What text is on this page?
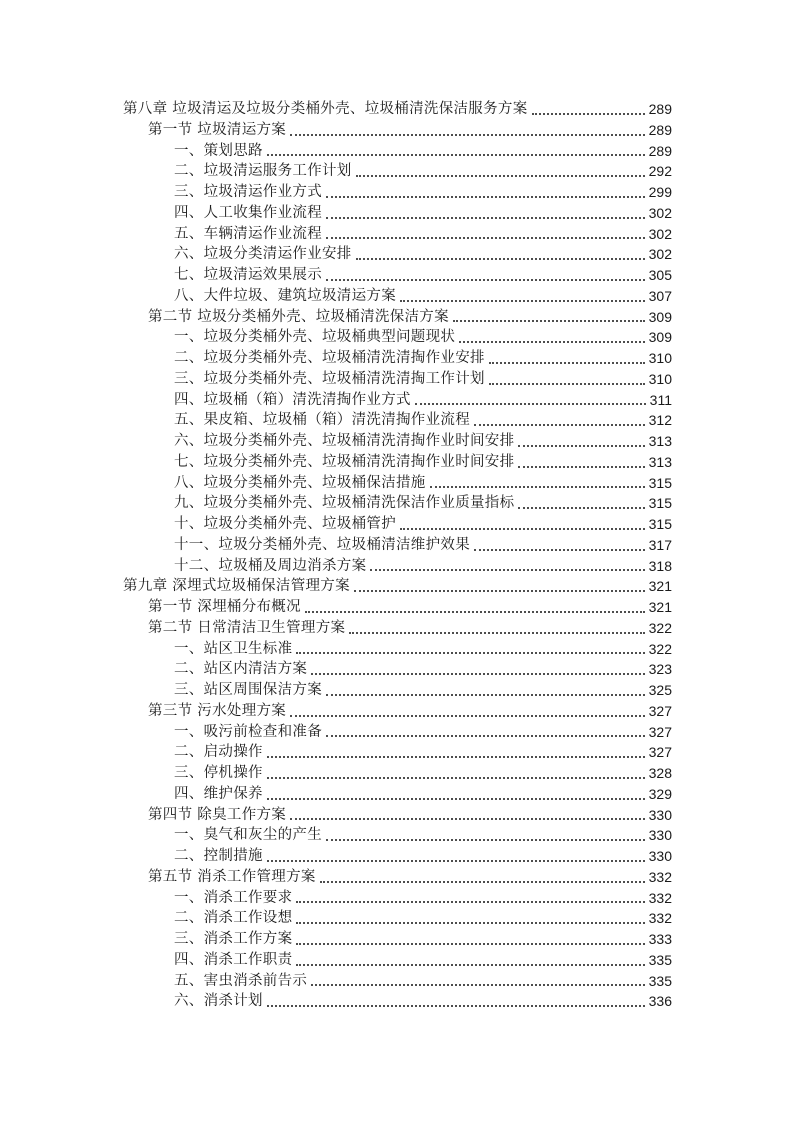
第八章 垃圾清运及垃圾分类桶外壳、垃圾桶清洗保洁服务方案	289
第一节 垃圾清运方案	289
一、策划思路	289
二、垃圾清运服务工作计划	292
三、垃圾清运作业方式	299
四、人工收集作业流程	302
五、车辆清运作业流程	302
六、垃圾分类清运作业安排	302
七、垃圾清运效果展示	305
八、大件垃圾、建筑垃圾清运方案	307
第二节 垃圾分类桶外壳、垃圾桶清洗保洁方案	309
一、垃圾分类桶外壳、垃圾桶典型问题现状	309
二、垃圾分类桶外壳、垃圾桶清洗清掏作业安排	310
三、垃圾分类桶外壳、垃圾桶清洗清掏工作计划	310
四、垃圾桶（箱）清洗清掏作业方式	311
五、果皮箱、垃圾桶（箱）清洗清掏作业流程	312
六、垃圾分类桶外壳、垃圾桶清洗清掏作业时间安排	313
七、垃圾分类桶外壳、垃圾桶清洗清掏作业时间安排	313
八、垃圾分类桶外壳、垃圾桶保洁措施	315
九、垃圾分类桶外壳、垃圾桶清洗保洁作业质量指标	315
十、垃圾分类桶外壳、垃圾桶管护	315
十一、垃圾分类桶外壳、垃圾桶清洁维护效果	317
十二、垃圾桶及周边消杀方案	318
第九章 深埋式垃圾桶保洁管理方案	321
第一节 深埋桶分布概况	321
第二节 日常清洁卫生管理方案	322
一、站区卫生标准	322
二、站区内清洁方案	323
三、站区周围保洁方案	325
第三节 污水处理方案	327
一、吸污前检查和准备	327
二、启动操作	327
三、停机操作	328
四、维护保养	329
第四节 除臭工作方案	330
一、臭气和灰尘的产生	330
二、控制措施	330
第五节 消杀工作管理方案	332
一、消杀工作要求	332
二、消杀工作设想	332
三、消杀工作方案	333
四、消杀工作职责	335
五、害虫消杀前告示	335
六、消杀计划	336
